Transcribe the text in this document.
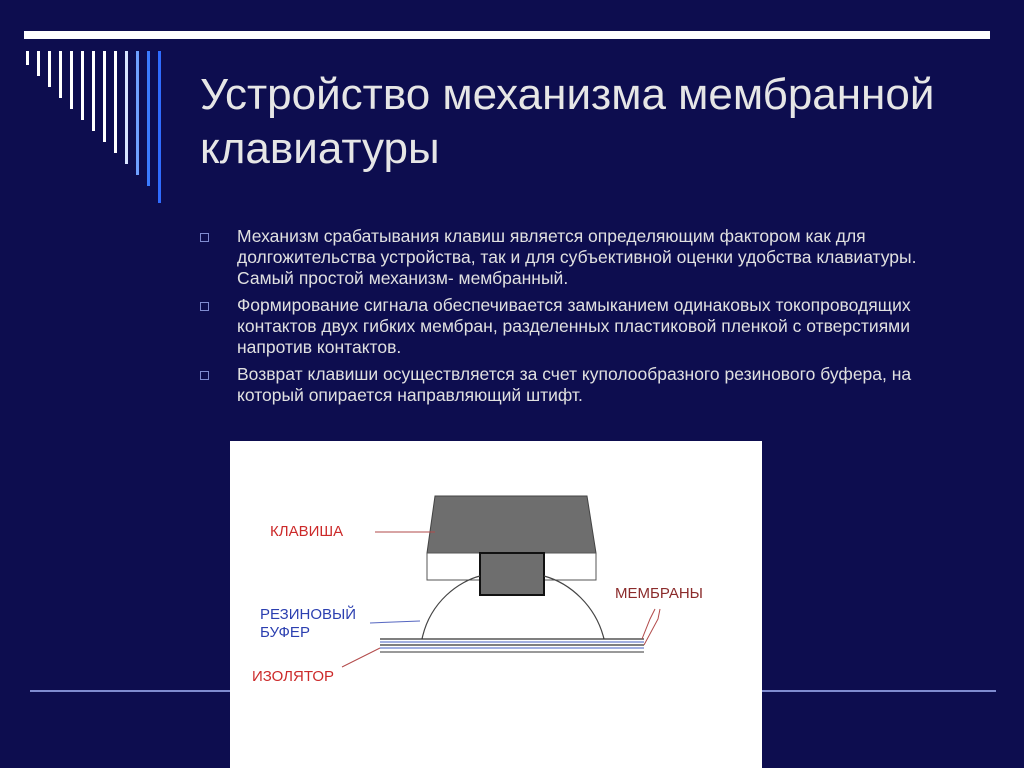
Устройство механизма мембранной клавиатуры
Механизм срабатывания клавиш является определяющим фактором как для долгожительства устройства, так и для субъективной оценки удобства клавиатуры. Самый простой механизм- мембранный.
Формирование сигнала обеспечивается замыканием одинаковых токопроводящих контактов двух гибких мембран, разделенных пластиковой пленкой с отверстиями напротив контактов.
Возврат клавиши осуществляется за счет куполообразного резинового буфера, на который опирается направляющий штифт.
КЛАВИША
МЕМБРАНЫ
РЕЗИНОВЫЙ
БУФЕР
ИЗОЛЯТОР
